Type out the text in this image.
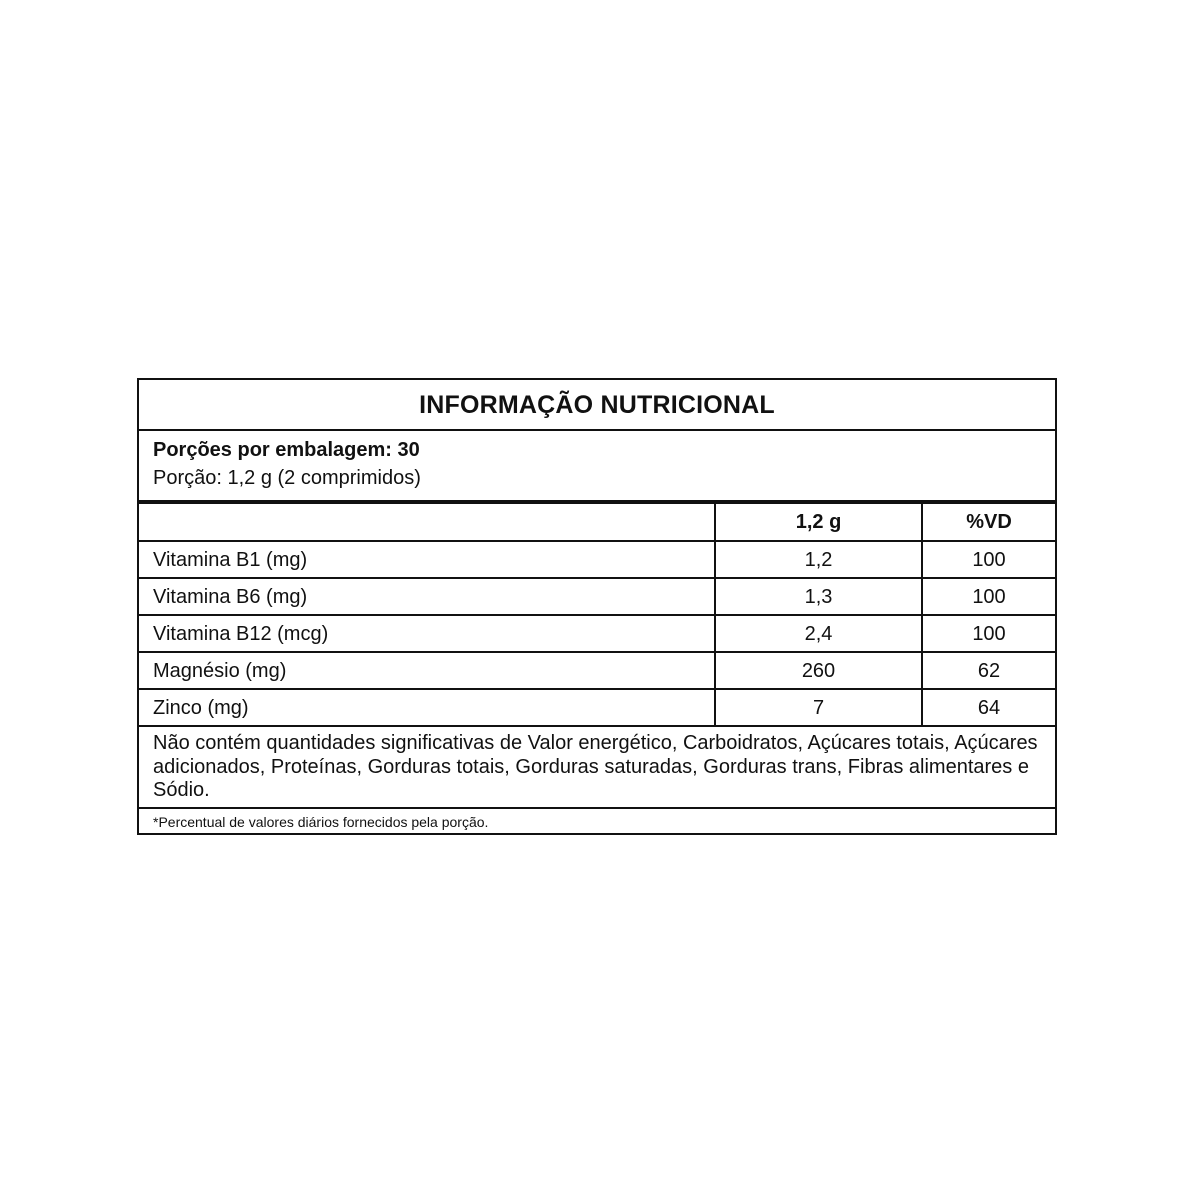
INFORMAÇÃO NUTRICIONAL
Porções por embalagem: 30
Porção: 1,2 g (2 comprimidos)
	1,2 g	%VD
Vitamina B1 (mg)	1,2	100
Vitamina B6 (mg)	1,3	100
Vitamina B12 (mcg)	2,4	100
Magnésio (mg)	260	62
Zinco (mg)	7	64
Não contém quantidades significativas de Valor energético, Carboidratos, Açúcares totais, Açúcares adicionados, Proteínas, Gorduras totais, Gorduras saturadas, Gorduras trans, Fibras alimentares e Sódio.
*Percentual de valores diários fornecidos pela porção.
